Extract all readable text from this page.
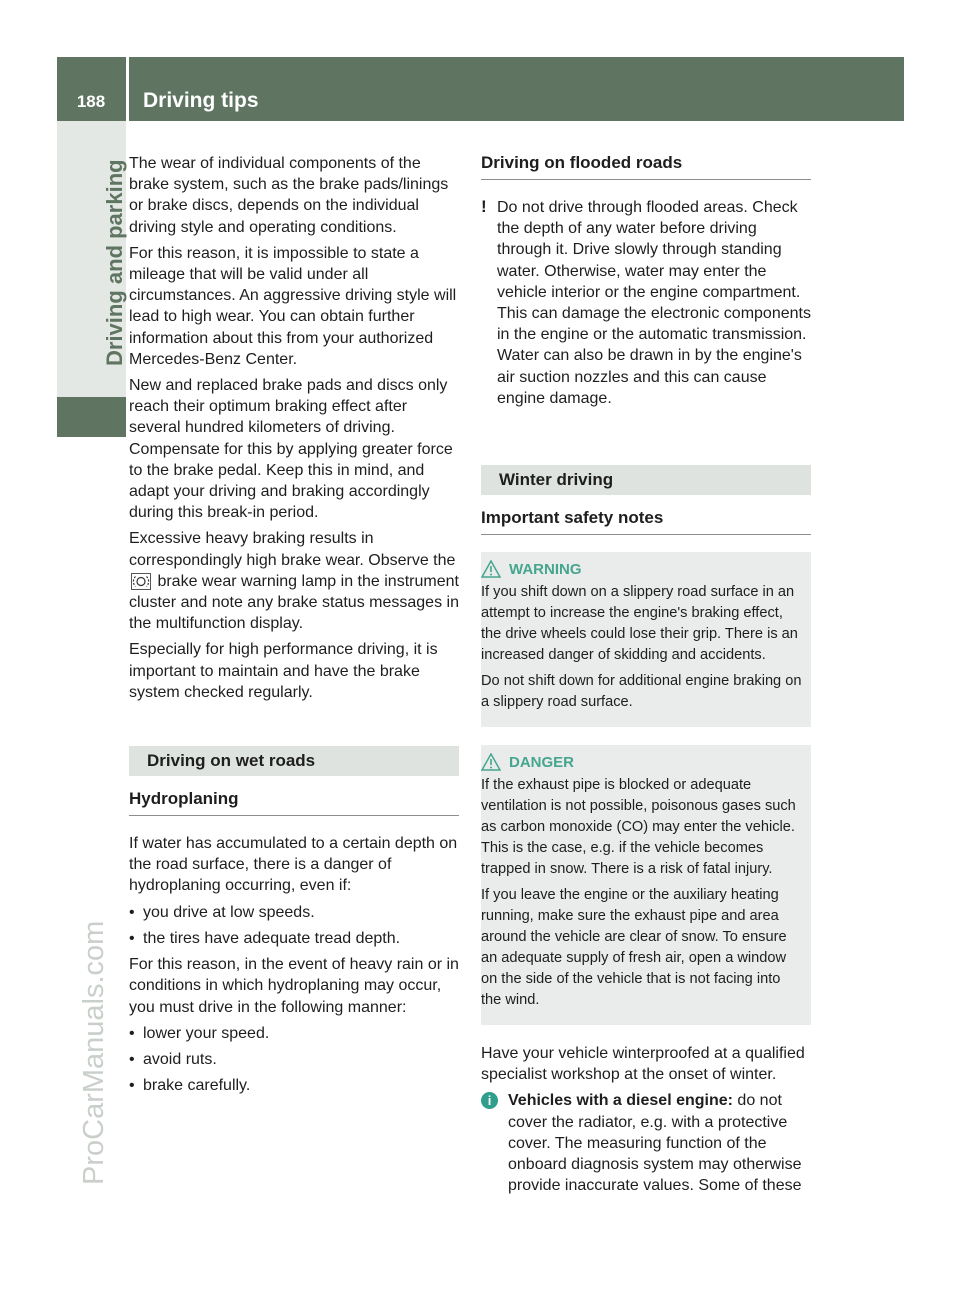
188	Driving tips
Driving and parking
ProCarManuals.com

The wear of individual components of the brake system, such as the brake pads/linings or brake discs, depends on the individual driving style and operating conditions.

For this reason, it is impossible to state a mileage that will be valid under all circumstances. An aggressive driving style will lead to high wear. You can obtain further information about this from your authorized Mercedes-Benz Center.

New and replaced brake pads and discs only reach their optimum braking effect after several hundred kilometers of driving. Compensate for this by applying greater force to the brake pedal. Keep this in mind, and adapt your driving and braking accordingly during this break-in period.

Excessive heavy braking results in correspondingly high brake wear. Observe the  brake wear warning lamp in the instrument cluster and note any brake status messages in the multifunction display.

Especially for high performance driving, it is important to maintain and have the brake system checked regularly.

Driving on wet roads
Hydroplaning

If water has accumulated to a certain depth on the road surface, there is a danger of hydroplaning occurring, even if:

• you drive at low speeds.
• the tires have adequate tread depth.

For this reason, in the event of heavy rain or in conditions in which hydroplaning may occur, you must drive in the following manner:

• lower your speed.
• avoid ruts.
• brake carefully.
Driving on flooded roads
! Do not drive through flooded areas. Check the depth of any water before driving through it. Drive slowly through standing water. Otherwise, water may enter the vehicle interior or the engine compartment. This can damage the electronic components in the engine or the automatic transmission. Water can also be drawn in by the engine's air suction nozzles and this can cause engine damage.

Winter driving
Important safety notes
WARNING

If you shift down on a slippery road surface in an attempt to increase the engine's braking effect, the drive wheels could lose their grip. There is an increased danger of skidding and accidents.

Do not shift down for additional engine braking on a slippery road surface.

DANGER

If the exhaust pipe is blocked or adequate ventilation is not possible, poisonous gases such as carbon monoxide (CO) may enter the vehicle. This is the case, e.g. if the vehicle becomes trapped in snow. There is a risk of fatal injury.

If you leave the engine or the auxiliary heating running, make sure the exhaust pipe and area around the vehicle are clear of snow. To ensure an adequate supply of fresh air, open a window on the side of the vehicle that is not facing into the wind.

Have your vehicle winterproofed at a qualified specialist workshop at the onset of winter.

i	Vehicles with a diesel engine: do not cover the radiator, e.g. with a protective cover. The measuring function of the onboard diagnosis system may otherwise provide inaccurate values. Some of these
